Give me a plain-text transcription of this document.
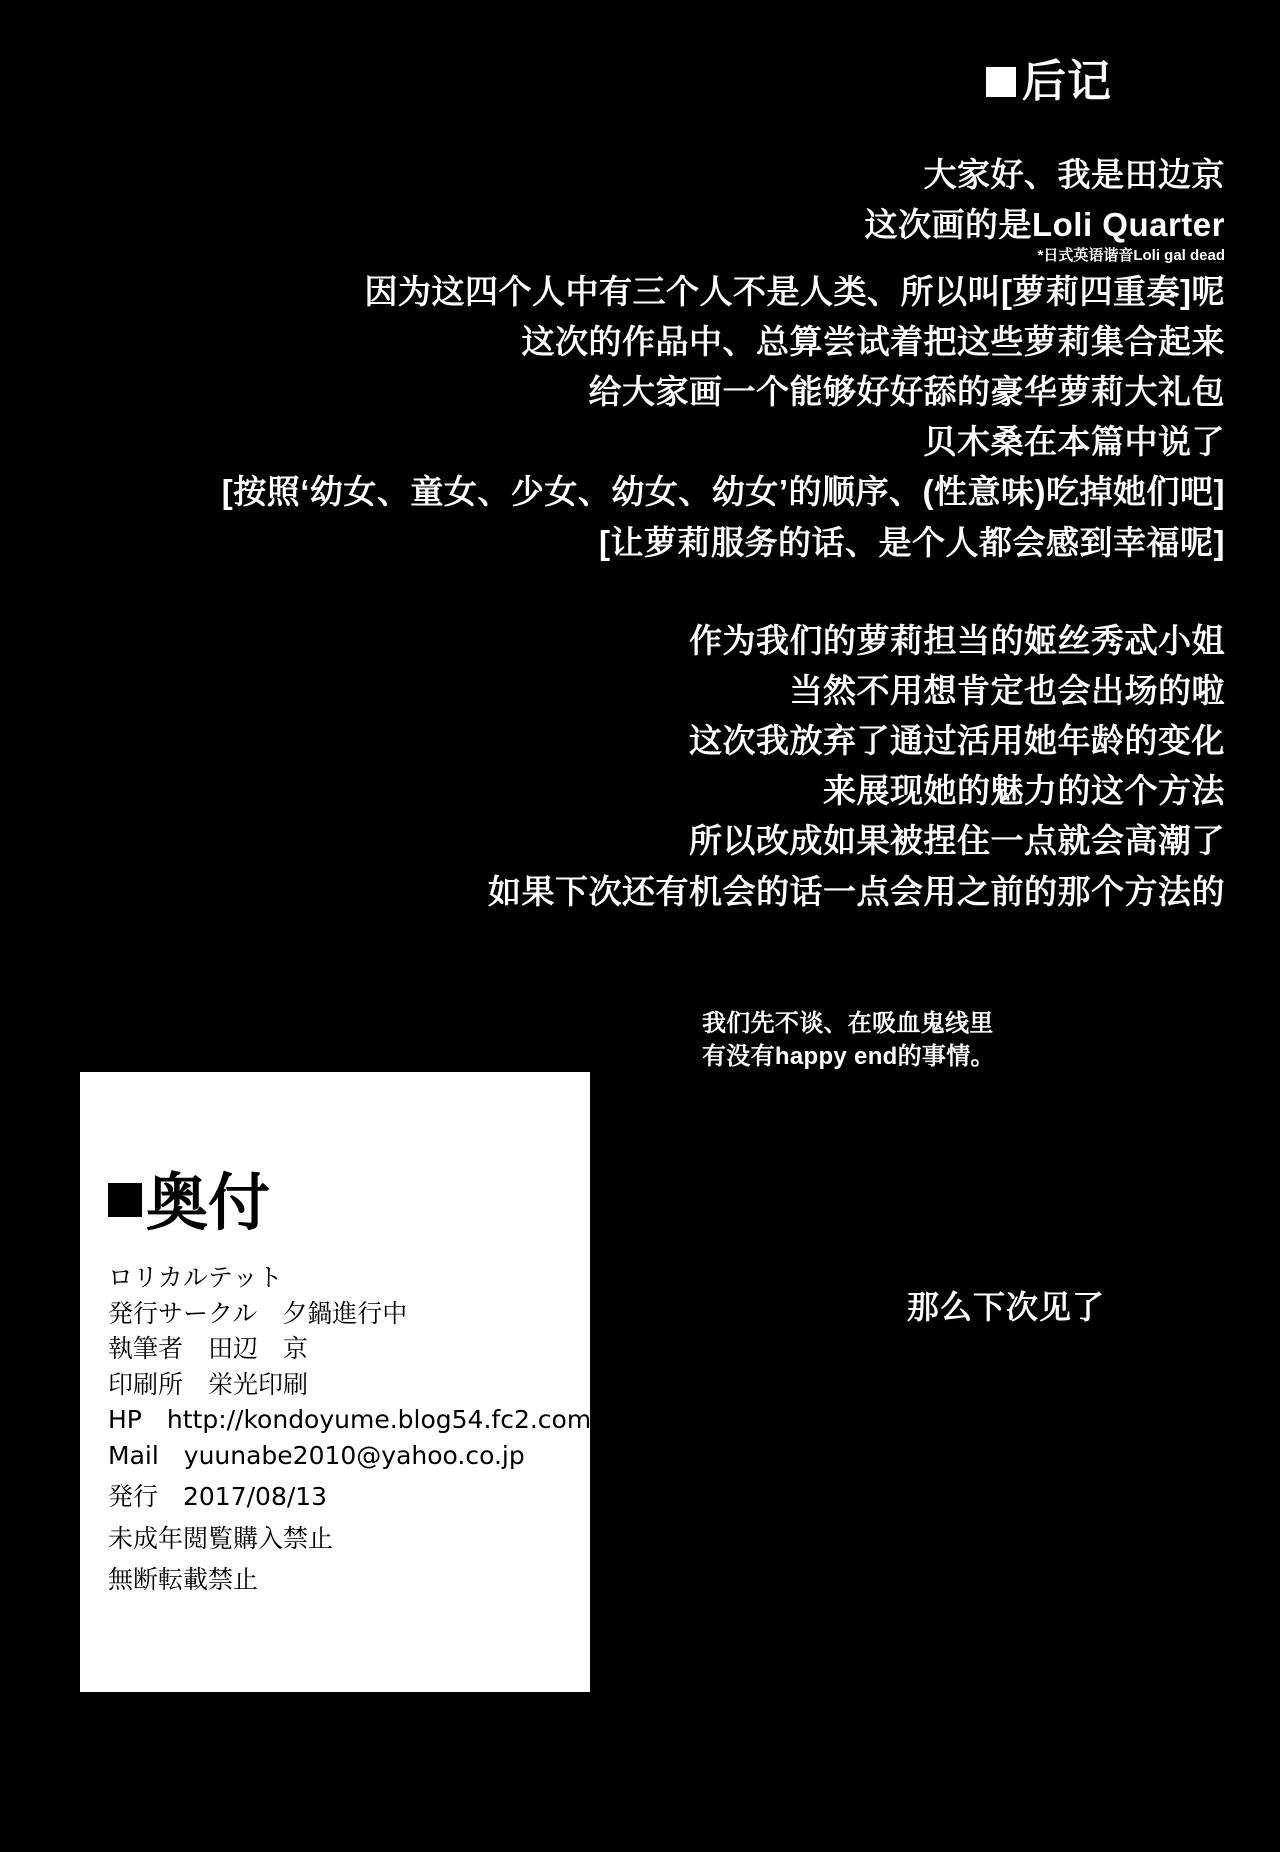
后记
大家好、我是田边京
这次画的是Loli Quarter
*日式英语谐音Loli gal dead
因为这四个人中有三个人不是人类、所以叫[萝莉四重奏]呢
这次的作品中、总算尝试着把这些萝莉集合起来
给大家画一个能够好好舔的豪华萝莉大礼包
贝木桑在本篇中说了
[按照‘幼女、童女、少女、幼女、幼女’的顺序、(性意味)吃掉她们吧]
[让萝莉服务的话、是个人都会感到幸福呢]
作为我们的萝莉担当的姬丝秀忒小姐
当然不用想肯定也会出场的啦
这次我放弃了通过活用她年龄的变化
来展现她的魅力的这个方法
所以改成如果被捏住一点就会高潮了
如果下次还有机会的话一点会用之前的那个方法的
我们先不谈、在吸血鬼线里
有没有happy end的事情。
那么下次见了
奥付
ロリカルテット
発行サークル　夕鍋進行中
執筆者　田辺　京
印刷所　栄光印刷
HP　http://kondoyume.blog54.fc2.com/
Mail　yuunabe2010@yahoo.co.jp
発行　2017/08/13
未成年閲覧購入禁止
無断転載禁止
